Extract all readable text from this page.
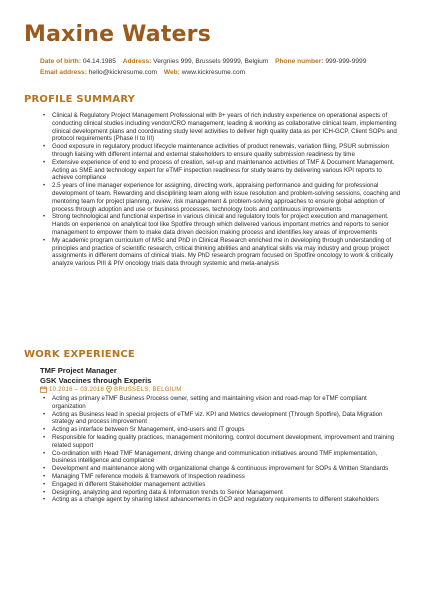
Maxine Waters
Date of birth: 04.14.1985 Address: Vergnies 999, Brussels 99999, Belgium Phone number: 999-999-9999
Email address: hello@kickresume.com Web: www.kickresume.com
PROFILE SUMMARY
• Clinical & Regulatory Project Management Professional with 8+ years of rich industry experience on operational aspects of conducting clinical studies including vendor/CRO management, leading & working as collaborative clinical team, implementing clinical development plans and coordinating study level activities to deliver high quality data as per ICH-GCP, Client SOPs and protocol requirements (Phase II to III)
• Good exposure in regulatory product lifecycle maintenance activities of product renewals, variation fliing, PSUR submission through liaising with different internal and external stakeholders to ensure quality submission readiness by time
• Extensive experience of end to end process of creation, set-up and maintenance activities of TMF & Document Management. Acting as SME and technology expert for eTMF inspection readiness for study teams by delivering various KPI reports to achieve compliance
• 2.5 years of line manager experience for assigning, directing work, appraising performance and guiding for professional development of team. Rewarding and disciplining team along with issue resolution and problem-solving sessions, coaching and mentoring team for project planning, review, risk management & problem-solving approaches to ensure global adoption of process through adoption and use or business processes, technology tools and continuous improvements
• Strong technological and functional expertise in various clinical and regulatory tools for project execution and management. Hands on experience on analytical tool like Spotfire through which delivered various important metrics and reports to senior management to empower them to make data driven decision making process and identifies key areas of improvements
• My academic program curriculum of MSc and PhD in Clinical Research enriched me in developing through understanding of principles and practice of scientific research, critical thinking abilities and analytical skills via may industry and group project assignments in different domains of clinical trials. My PhD research program focused on Spotfire oncology to work & critically analyze various PIII & PIV oncology trials data through systemic and meta-analysis
WORK EXPERIENCE
TMF Project Manager
GSK Vaccines through Experis
10.2016 – 03.2018 BRUSSELS, BELGIUM
• Acting as primary eTMF Business Process owner, setting and maintaining vision and road-map for eTMF compliant organization
• Acting as Business lead in special projects of eTMF viz. KPI and Metrics development (Through Spotfire), Data Migration strategy and process improvement
• Acting as interface between Sr Management, end-users and IT groups
• Responsible for leading quality practices, management monitoring, control document development, improvement and training related support
• Co-ordination with Head TMF Management, driving change and communication initiatives around TMF implementation, business intelligence and compliance
• Development and maintenance along with organizational change & continuous improvement for SOPs & Written Standards
• Managing TMF reference models & framework of Inspection readiness
• Engaged in different Stakeholder management activities
• Designing, analyzing and reporting data & Information trends to Senior Management
• Acting as a change agent by sharing latest advancements in GCP and regulatory requirements to different stakeholders
